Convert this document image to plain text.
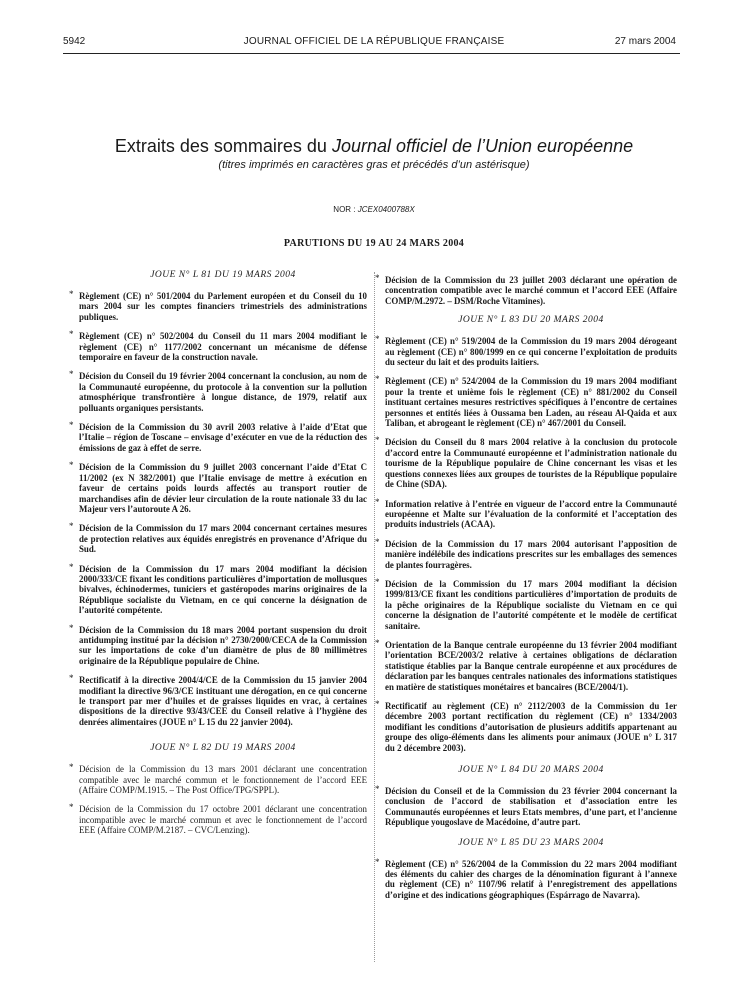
5942	JOURNAL OFFICIEL DE LA RÉPUBLIQUE FRANÇAISE	27 mars 2004
Extraits des sommaires du Journal officiel de l’Union européenne
(titres imprimés en caractères gras et précédés d’un astérisque)
NOR : JCEX0400788X
PARUTIONS DU 19 AU 24 MARS 2004
JOUE N° L 81 DU 19 MARS 2004
* Règlement (CE) n° 501/2004 du Parlement européen et du Conseil du 10 mars 2004 sur les comptes financiers trimestriels des administrations publiques.
* Règlement (CE) n° 502/2004 du Conseil du 11 mars 2004 modifiant le règlement (CE) n° 1177/2002 concernant un mécanisme de défense temporaire en faveur de la construction navale.
* Décision du Conseil du 19 février 2004 concernant la conclusion, au nom de la Communauté européenne, du protocole à la convention sur la pollution atmosphérique transfrontière à longue distance, de 1979, relatif aux polluants organiques persistants.
* Décision de la Commission du 30 avril 2003 relative à l’aide d’Etat que l’Italie – région de Toscane – envisage d’exécuter en vue de la réduction des émissions de gaz à effet de serre.
* Décision de la Commission du 9 juillet 2003 concernant l’aide d’Etat C 11/2002 (ex N 382/2001) que l’Italie envisage de mettre à exécution en faveur de certains poids lourds affectés au transport routier de marchandises afin de dévier leur circulation de la route nationale 33 du lac Majeur vers l’autoroute A 26.
* Décision de la Commission du 17 mars 2004 concernant certaines mesures de protection relatives aux équidés enregistrés en provenance d’Afrique du Sud.
* Décision de la Commission du 17 mars 2004 modifiant la décision 2000/333/CE fixant les conditions particulières d’importation de mollusques bivalves, échinodermes, tuniciers et gastéropodes marins originaires de la République socialiste du Vietnam, en ce qui concerne la désignation de l’autorité compétente.
* Décision de la Commission du 18 mars 2004 portant suspension du droit antidumping institué par la décision n° 2730/2000/CECA de la Commission sur les importations de coke d’un diamètre de plus de 80 millimètres originaire de la République populaire de Chine.
* Rectificatif à la directive 2004/4/CE de la Commission du 15 janvier 2004 modifiant la directive 96/3/CE instituant une dérogation, en ce qui concerne le transport par mer d’huiles et de graisses liquides en vrac, à certaines dispositions de la directive 93/43/CEE du Conseil relative à l’hygiène des denrées alimentaires (JOUE n° L 15 du 22 janvier 2004).
JOUE N° L 82 DU 19 MARS 2004
* Décision de la Commission du 13 mars 2001 déclarant une concentration compatible avec le marché commun et le fonctionnement de l’accord EEE (Affaire COMP/M.1915. – The Post Office/TPG/SPPL).
* Décision de la Commission du 17 octobre 2001 déclarant une concentration incompatible avec le marché commun et avec le fonctionnement de l’accord EEE (Affaire COMP/M.2187. – CVC/Lenzing).
* Décision de la Commission du 23 juillet 2003 déclarant une opération de concentration compatible avec le marché commun et l’accord EEE (Affaire COMP/M.2972. – DSM/Roche Vitamines).
JOUE N° L 83 DU 20 MARS 2004
* Règlement (CE) n° 519/2004 de la Commission du 19 mars 2004 dérogeant au règlement (CE) n° 800/1999 en ce qui concerne l’exploitation de produits du secteur du lait et des produits laitiers.
* Règlement (CE) n° 524/2004 de la Commission du 19 mars 2004 modifiant pour la trente et unième fois le règlement (CE) n° 881/2002 du Conseil instituant certaines mesures restrictives spécifiques à l’encontre de certaines personnes et entités liées à Oussama ben Laden, au réseau Al-Qaida et aux Taliban, et abrogeant le règlement (CE) n° 467/2001 du Conseil.
* Décision du Conseil du 8 mars 2004 relative à la conclusion du protocole d’accord entre la Communauté européenne et l’administration nationale du tourisme de la République populaire de Chine concernant les visas et les questions connexes liées aux groupes de touristes de la République populaire de Chine (SDA).
* Information relative à l’entrée en vigueur de l’accord entre la Communauté européenne et Malte sur l’évaluation de la conformité et l’acceptation des produits industriels (ACAA).
* Décision de la Commission du 17 mars 2004 autorisant l’apposition de manière indélébile des indications prescrites sur les emballages des semences de plantes fourragères.
* Décision de la Commission du 17 mars 2004 modifiant la décision 1999/813/CE fixant les conditions particulières d’importation de produits de la pêche originaires de la République socialiste du Vietnam en ce qui concerne la désignation de l’autorité compétente et le modèle de certificat sanitaire.
* Orientation de la Banque centrale européenne du 13 février 2004 modifiant l’orientation BCE/2003/2 relative à certaines obligations de déclaration statistique établies par la Banque centrale européenne et aux procédures de déclaration par les banques centrales nationales des informations statistiques en matière de statistiques monétaires et bancaires (BCE/2004/1).
* Rectificatif au règlement (CE) n° 2112/2003 de la Commission du 1er décembre 2003 portant rectification du règlement (CE) n° 1334/2003 modifiant les conditions d’autorisation de plusieurs additifs appartenant au groupe des oligo-éléments dans les aliments pour animaux (JOUE n° L 317 du 2 décembre 2003).
JOUE N° L 84 DU 20 MARS 2004
* Décision du Conseil et de la Commission du 23 février 2004 concernant la conclusion de l’accord de stabilisation et d’association entre les Communautés européennes et leurs Etats membres, d’une part, et l’ancienne République yougoslave de Macédoine, d’autre part.
JOUE N° L 85 DU 23 MARS 2004
* Règlement (CE) n° 526/2004 de la Commission du 22 mars 2004 modifiant des éléments du cahier des charges de la dénomination figurant à l’annexe du règlement (CE) n° 1107/96 relatif à l’enregistrement des appellations d’origine et des indications géographiques (Espárrago de Navarra).
